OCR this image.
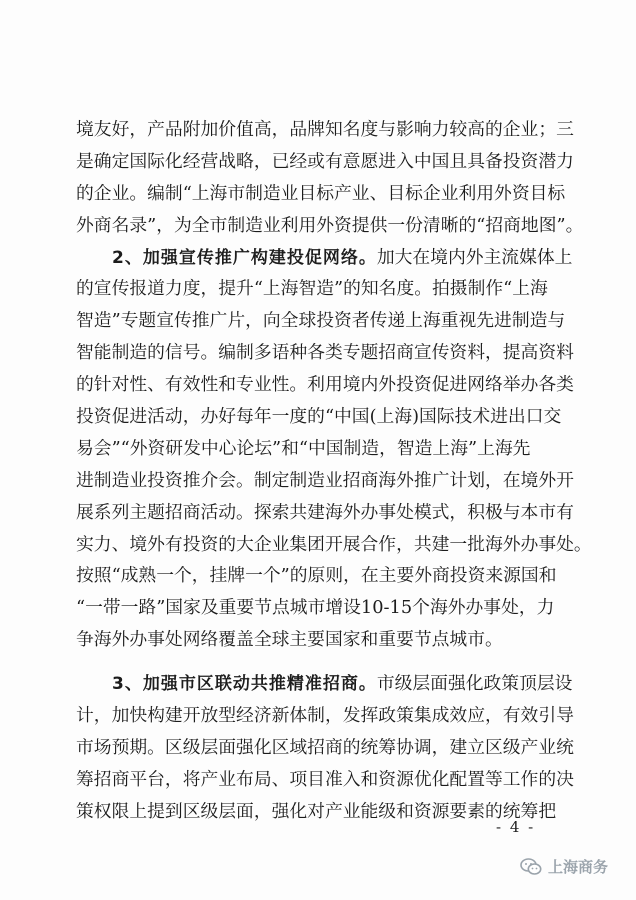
境友好，产品附加价值高，品牌知名度与影响力较高的企业；三
是确定国际化经营战略，已经或有意愿进入中国且具备投资潜力
的企业。编制“上海市制造业目标产业、目标企业利用外资目标
外商名录”，为全市制造业利用外资提供一份清晰的“招商地图”。
2、加强宣传推广构建投促网络。加大在境内外主流媒体上
的宣传报道力度，提升“上海智造”的知名度。拍摄制作“上海
智造”专题宣传推广片，向全球投资者传递上海重视先进制造与
智能制造的信号。编制多语种各类专题招商宣传资料，提高资料
的针对性、有效性和专业性。利用境内外投资促进网络举办各类
投资促进活动，办好每年一度的“中国(上海)国际技术进出口交
易会”“外资研发中心论坛”和“中国制造，智造上海”上海先
进制造业投资推介会。制定制造业招商海外推广计划，在境外开
展系列主题招商活动。探索共建海外办事处模式，积极与本市有
实力、境外有投资的大企业集团开展合作，共建一批海外办事处。
按照“成熟一个，挂牌一个”的原则，在主要外商投资来源国和
“一带一路”国家及重要节点城市增设10-15个海外办事处，力
争海外办事处网络覆盖全球主要国家和重要节点城市。
3、加强市区联动共推精准招商。市级层面强化政策顶层设
计，加快构建开放型经济新体制，发挥政策集成效应，有效引导
市场预期。区级层面强化区域招商的统筹协调，建立区级产业统
筹招商平台，将产业布局、项目准入和资源优化配置等工作的决
策权限上提到区级层面，强化对产业能级和资源要素的统筹把
- 4 -
上海商务
